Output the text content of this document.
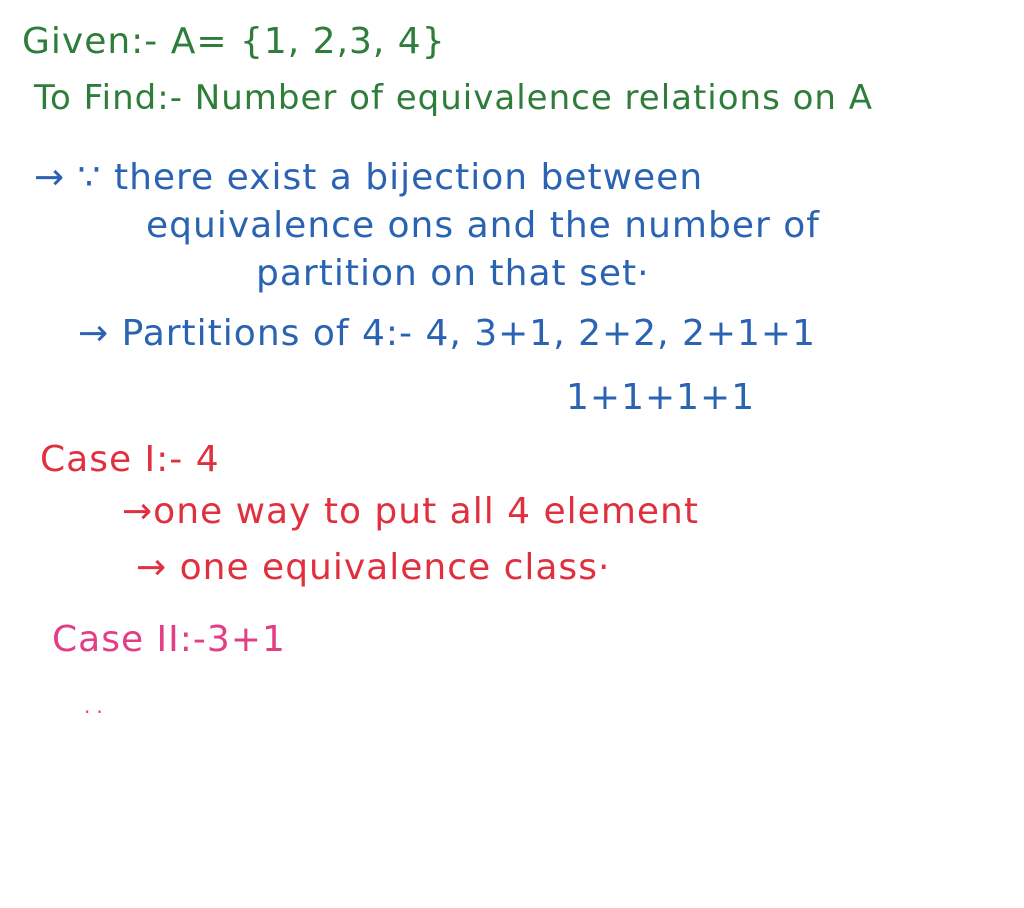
Given:- A= {1, 2,3, 4}
To Find:- Number of equivalence relations on A
→ ∵ there exist a bijection between
equivalence ons and the number of
partition on that set·
→ Partitions of 4:- 4, 3+1, 2+2, 2+1+1
1+1+1+1
Case I:- 4
→one way to put all 4 element
→ one equivalence class·
Case II:-3+1
··
